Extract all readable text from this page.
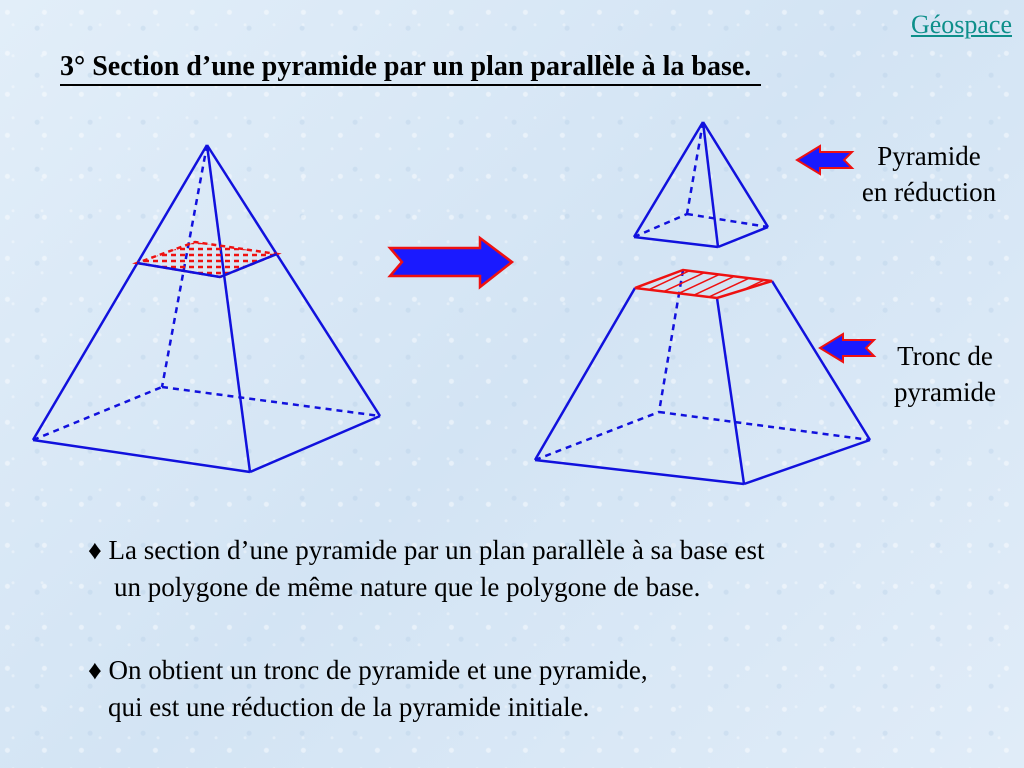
Géospace
3° Section d’une pyramide par un plan parallèle à la base.
Pyramide
en réduction
Tronc de
pyramide
♦ La section d’une pyramide par un plan parallèle à sa base est
un polygone de même nature que le polygone de base.
♦ On obtient un tronc de pyramide et une pyramide,
qui est une réduction de la pyramide initiale.
